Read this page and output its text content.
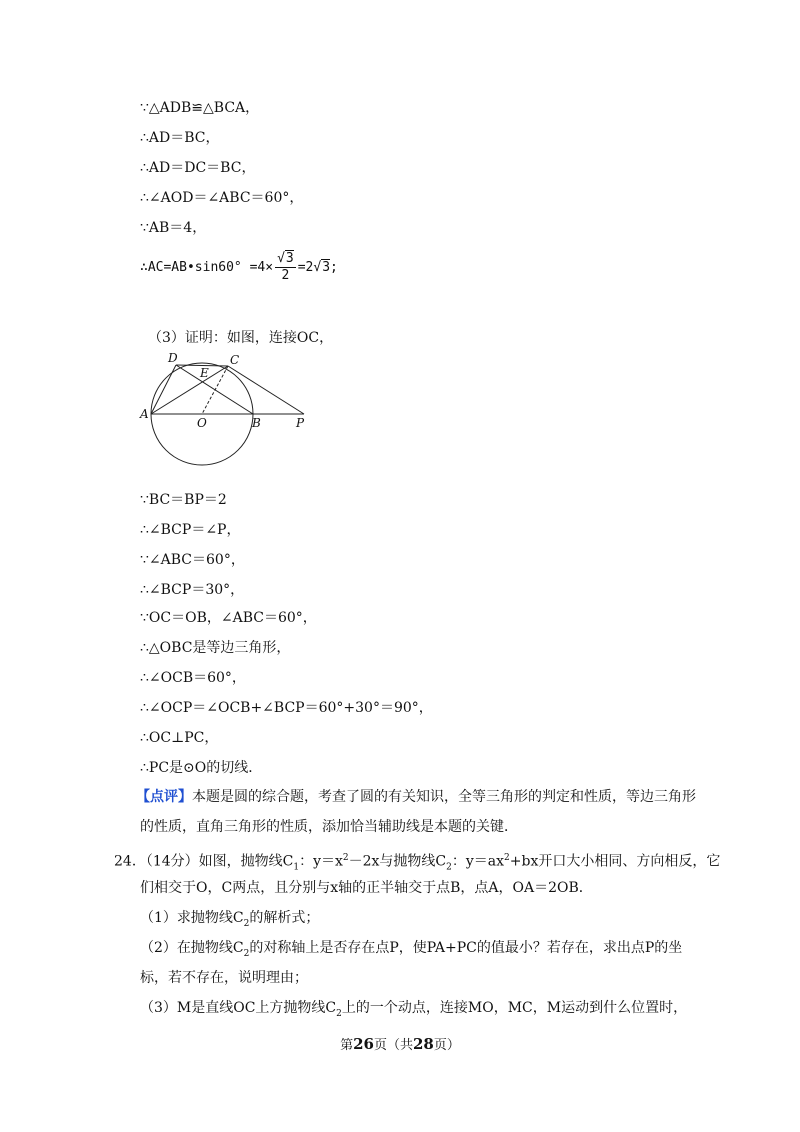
∵△ADB≌△BCA，
∴AD＝BC，
∴AD＝DC＝BC，
∴∠AOD＝∠ABC＝60°，
∵AB＝4，
∴AC=AB•sin60° $=4\times \frac{√3}{2} =2√3$;
（3）证明：如图，连接OC，
D	C
E
A
O	B	P
∵BC＝BP＝2
∴∠BCP＝∠P，
∵∠ABC＝60°，
∴∠BCP＝30°，
∵OC＝OB，∠ABC＝60°，
∴△OBC是等边三角形，
∴∠OCB＝60°，
∴∠OCP＝∠OCB+∠BCP＝60°+30°＝90°，
∴OC⊥PC，
∴PC是⊙O的切线．
【点评】本题是圆的综合题，考查了圆的有关知识，全等三角形的判定和性质，等边三角形
的性质，直角三角形的性质，添加恰当辅助线是本题的关键．
24．（14分）如图，抛物线$C_1$：$y=x^2-2x$与抛物线$C_2$：$y=ax^2+bx$开口大小相同、方向相反，它
们相交于O，C两点，且分别与x轴的正半轴交于点B，点A，OA＝2OB．
（1）求抛物线$C_2$的解析式；
（2）在抛物线$C_2$的对称轴上是否存在点P，使PA+PC的值最小？若存在，求出点P的坐
标，若不存在，说明理由；
（3）M是直线OC上方抛物线$C_2$上的一个动点，连接MO，MC，M运动到什么位置时，
第26页（共28页）
